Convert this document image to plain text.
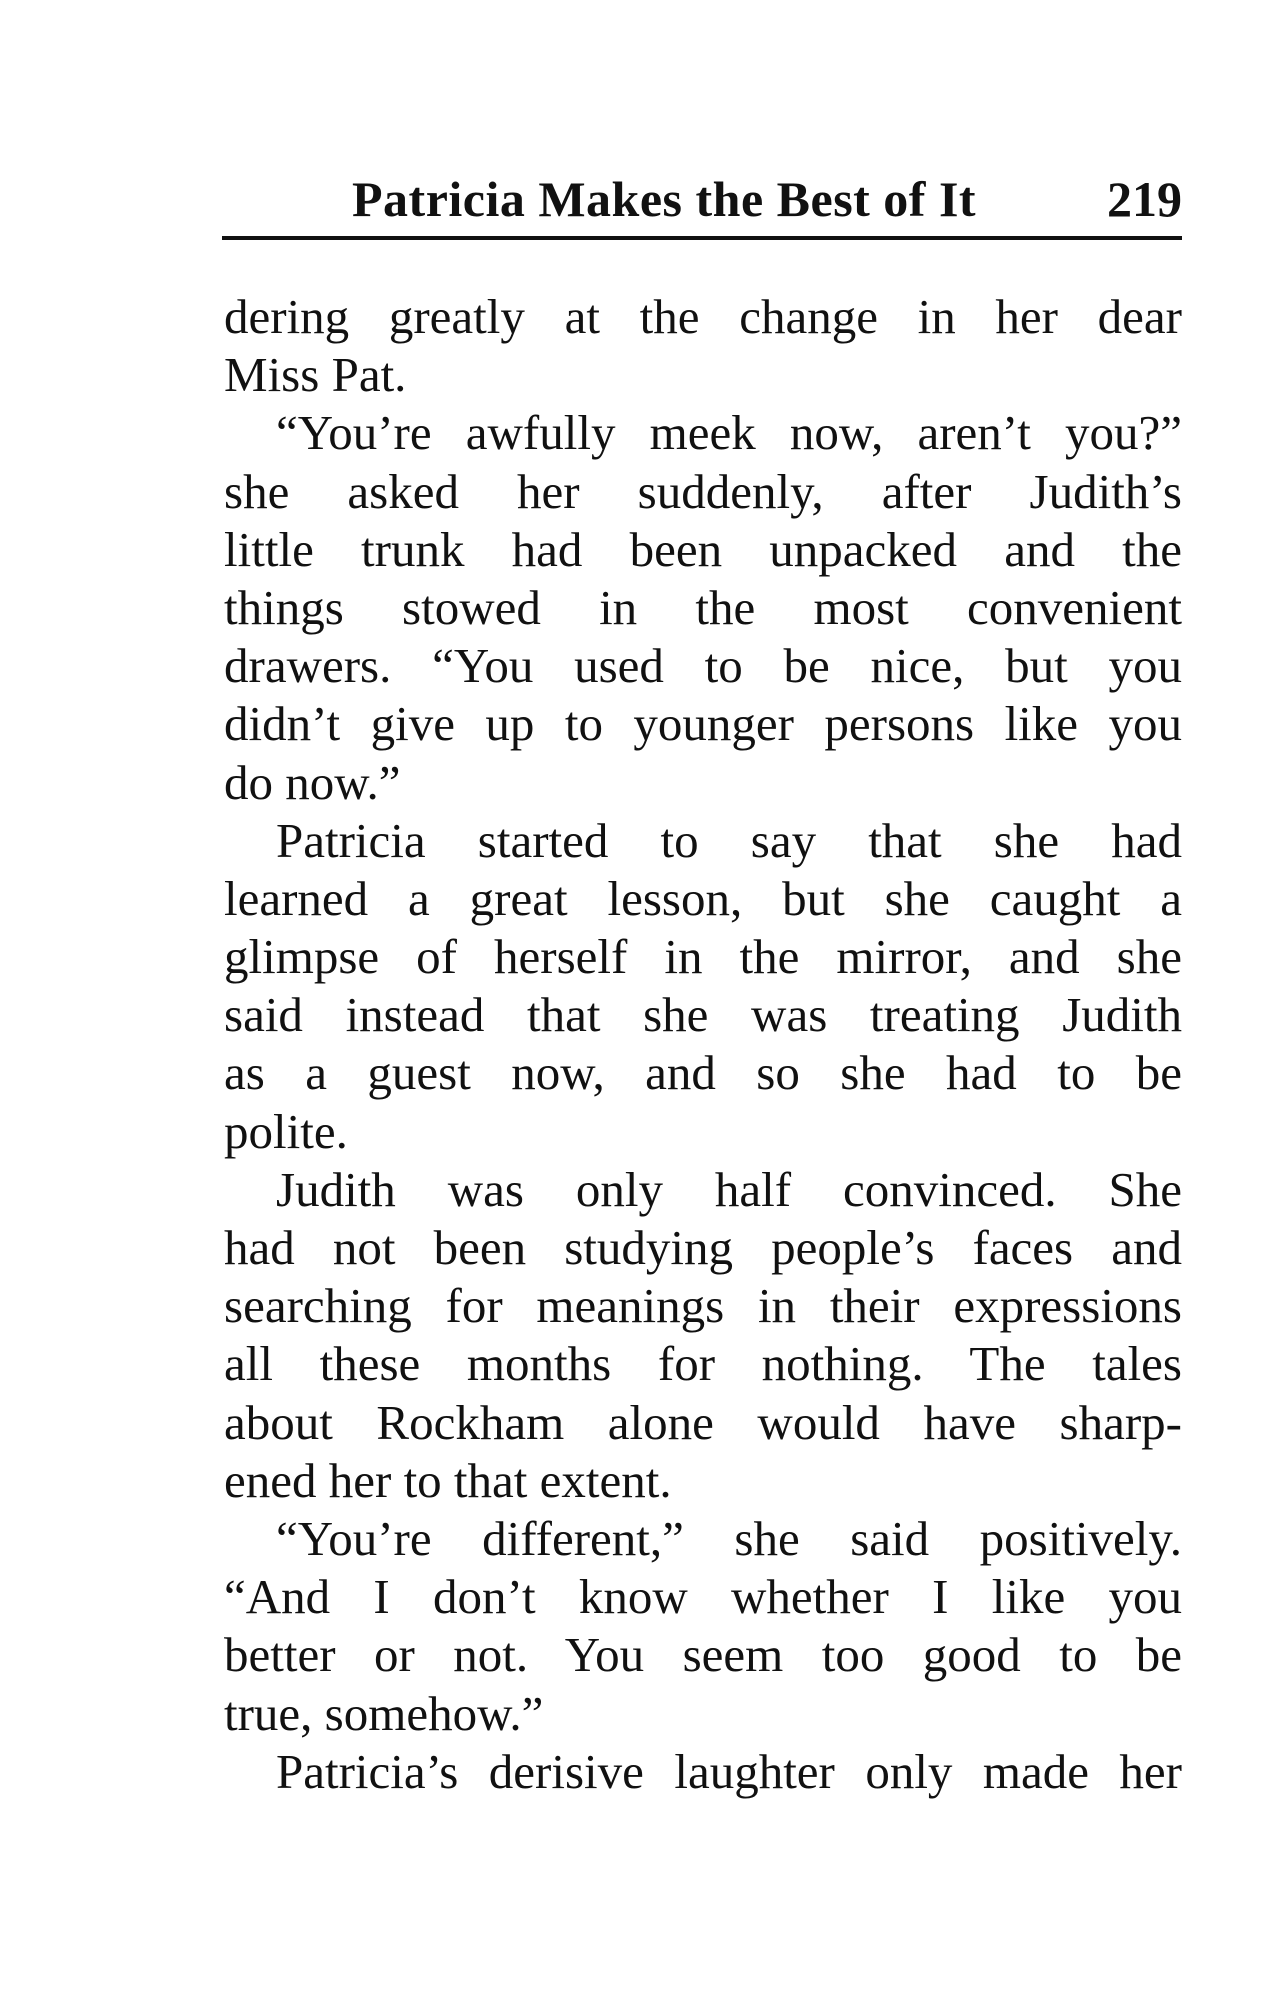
Patricia Makes the Best of It	219
dering greatly at the change in her dear
Miss Pat.
“You’re awfully meek now, aren’t you?”
she asked her suddenly, after Judith’s
little trunk had been unpacked and the
things stowed in the most convenient
drawers. “You used to be nice, but you
didn’t give up to younger persons like you
do now.”
Patricia started to say that she had
learned a great lesson, but she caught a
glimpse of herself in the mirror, and she
said instead that she was treating Judith
as a guest now, and so she had to be
polite.
Judith was only half convinced. She
had not been studying people’s faces and
searching for meanings in their expressions
all these months for nothing. The tales
about Rockham alone would have sharp-
ened her to that extent.
“You’re different,” she said positively.
“And I don’t know whether I like you
better or not. You seem too good to be
true, somehow.”
Patricia’s derisive laughter only made her
